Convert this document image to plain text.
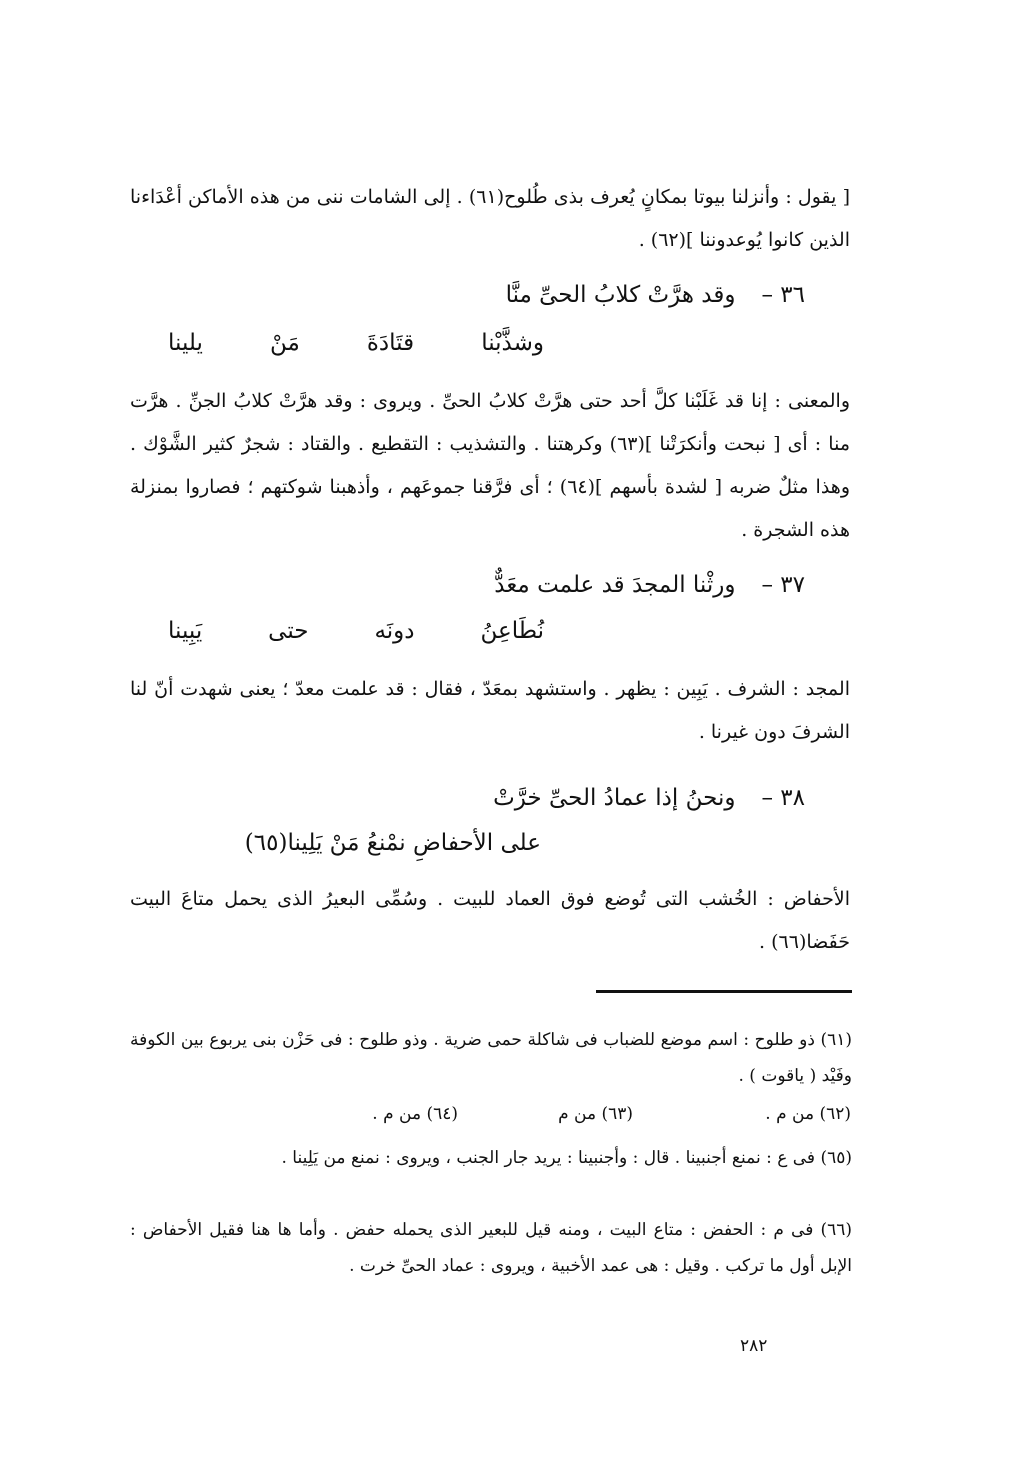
[ يقول : وأنزلنا بيوتا بمكانٍ يُعرف بذى طُلوح(٦١) . إلى الشامات ننى من هذه الأماكن أعْدَاءنا الذين كانوا يُوعدوننا ](٦٢) .

٣٦ –وقد هرَّتْ كلابُ الحىِّ منَّا
وشذَّبْنا
قتَادَةَ
مَنْ
يلينا

والمعنى : إنا قد غَلَبْنا كلَّ أحد حتى هرَّتْ كلابُ الحىِّ . ويروى : وقد هرَّتْ كلابُ الجنِّ . هرَّت منا : أى [ نبحت وأنكرَتْنا ](٦٣) وكرهتنا . والتشذيب : التقطيع . والقتاد : شجرٌ كثير الشَّوْك . وهذا مثلٌ ضربه [ لشدة بأسهم ](٦٤) ؛ أى فرَّقنا جموعَهم ، وأذهبنا شوكتهم ؛ فصاروا بمنزلة هذه الشجرة .

٣٧ –ورثْنا المجدَ قد علمت معَدٌّ
نُطَاعِنُ
دونَه
حتى
يَبِينا

المجد : الشرف . يَبِين : يظهر . واستشهد بمعَدّ ، فقال : قد علمت معدّ ؛ يعنى شهدت أنّ لنا الشرفَ دون غيرنا .

٣٨ –ونحنُ إذا عمادُ الحىِّ خرَّتْ
على الأحفاضِ نمْنعُ مَنْ يَلِينا(٦٥)

الأحفاض : الخُشب التى تُوضع فوق العماد للبيت . وسُمِّى البعيرُ الذى يحمل متاعَ البيت حَفَضا(٦٦) .

(٦١) ذو طلوح : اسم موضع للضباب فى شاكلة حمى ضرية . وذو طلوح : فى حَزْن بنى يربوع بين الكوفة وفَيْد ( ياقوت ) .

(٦٢) من م .
(٦٣) من م
(٦٤) من م .

(٦٥) فى ع : نمنع أجنبينا . قال : وأجنبينا : يريد جار الجنب ، ويروى : نمنع من يَلِينا .

(٦٦) فى م : الحفض : متاع البيت ، ومنه قيل للبعير الذى يحمله حفض . وأما ها هنا فقيل الأحفاض : الإبل أول ما تركب . وقيل : هى عمد الأخبية ، ويروى : عماد الحىِّ خرت .

٢٨٢
